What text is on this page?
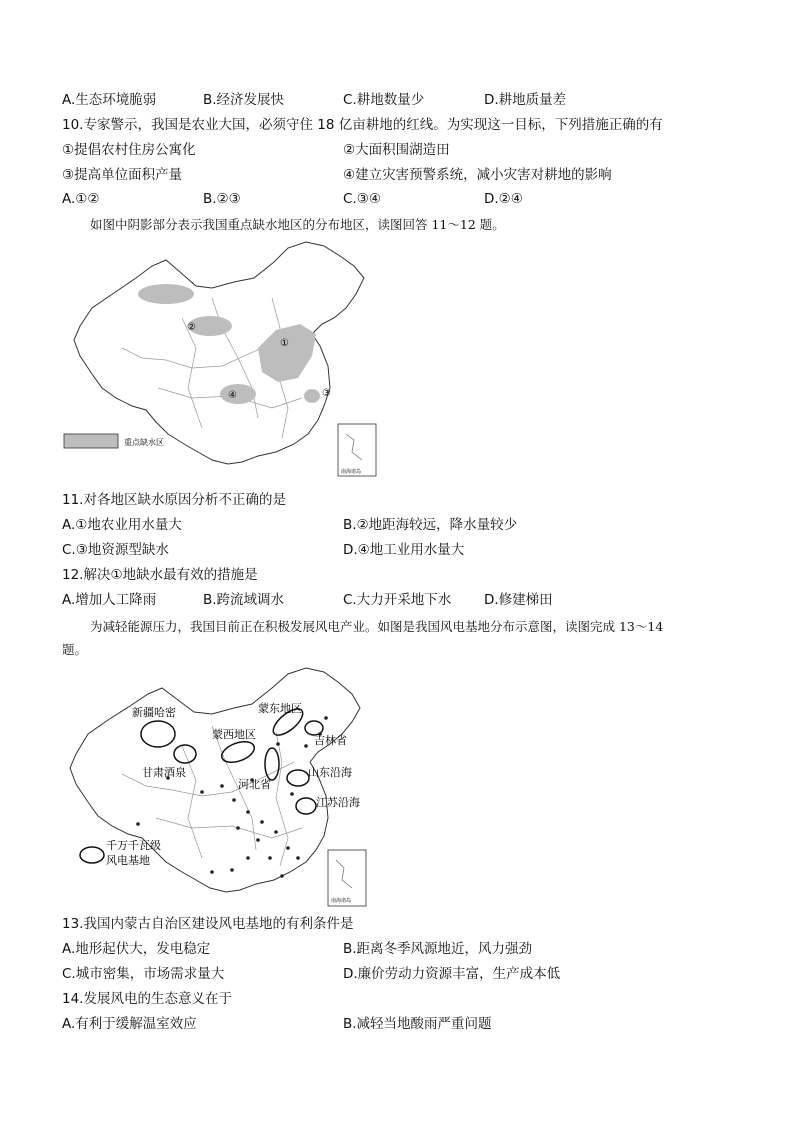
A.生态环境脆弱	B.经济发展快	C.耕地数量少	D.耕地质量差
10.专家警示，我国是农业大国，必须守住 18 亿亩耕地的红线。为实现这一目标，下列措施正确的有
①提倡农村住房公寓化	②大面积围湖造田
③提高单位面积产量	④建立灾害预警系统，减小灾害对耕地的影响
A.①②	B.②③	C.③④	D.②④
如图中阴影部分表示我国重点缺水地区的分布地区，读图回答 11～12 题。
①
②
③
④
重点缺水区
南海诸岛
11.对各地区缺水原因分析不正确的是
A.①地农业用水量大	B.②地距海较远，降水量较少
C.③地资源型缺水	D.④地工业用水量大
12.解决①地缺水最有效的措施是
A.增加人工降雨	B.跨流域调水	C.大力开采地下水 D.修建梯田
为减轻能源压力，我国目前正在积极发展风电产业。如图是我国风电基地分布示意图，读图完成 13～14
题。
新疆哈密	蒙东地区
蒙西地区	吉林省
甘肃酒泉	山东沿海
河北省
江苏沿海
千万千瓦级
风电基地
南海诸岛
13.我国内蒙古自治区建设风电基地的有利条件是
A.地形起伏大，发电稳定	B.距离冬季风源地近，风力强劲
C.城市密集，市场需求量大	D.廉价劳动力资源丰富，生产成本低
14.发展风电的生态意义在于
A.有利于缓解温室效应	B.减轻当地酸雨严重问题
